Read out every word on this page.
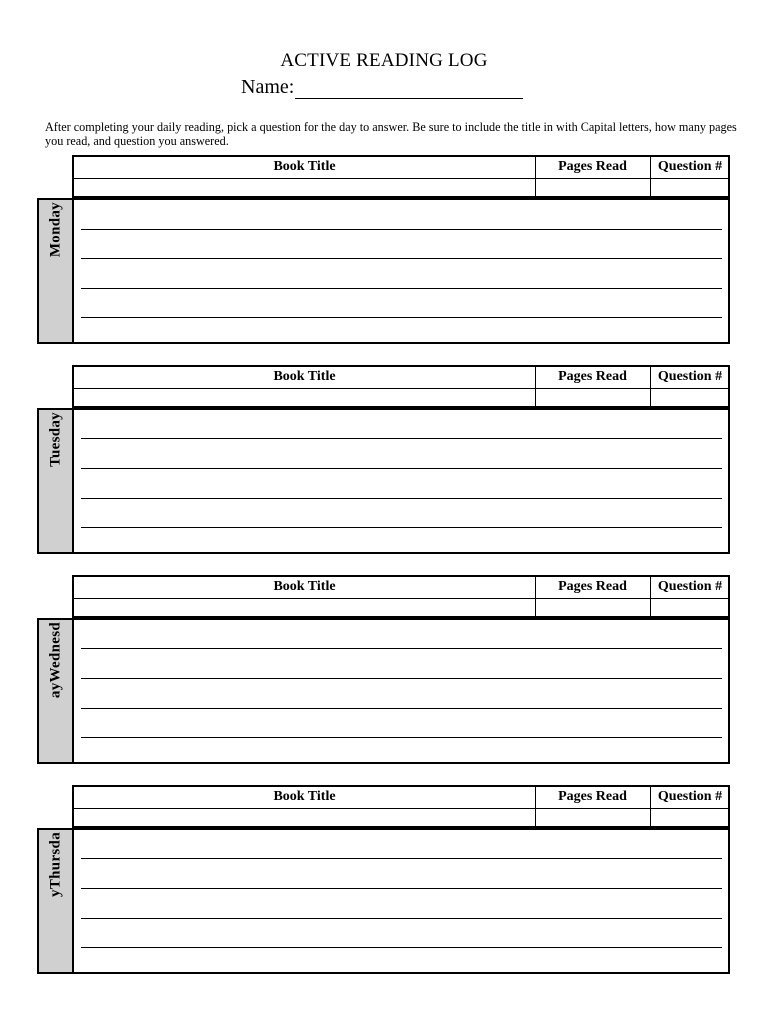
ACTIVE READING LOG
Name:
After completing your daily reading, pick a question for the day to answer. Be sure to include the title in with Capital letters, how many pages you read, and question you answered.
Book Title	Pages Read	Question #
Monday
Book Title	Pages Read	Question #
Tuesday
Book Title	Pages Read	Question #
ayWednesd
Book Title	Pages Read	Question #
yThursda
